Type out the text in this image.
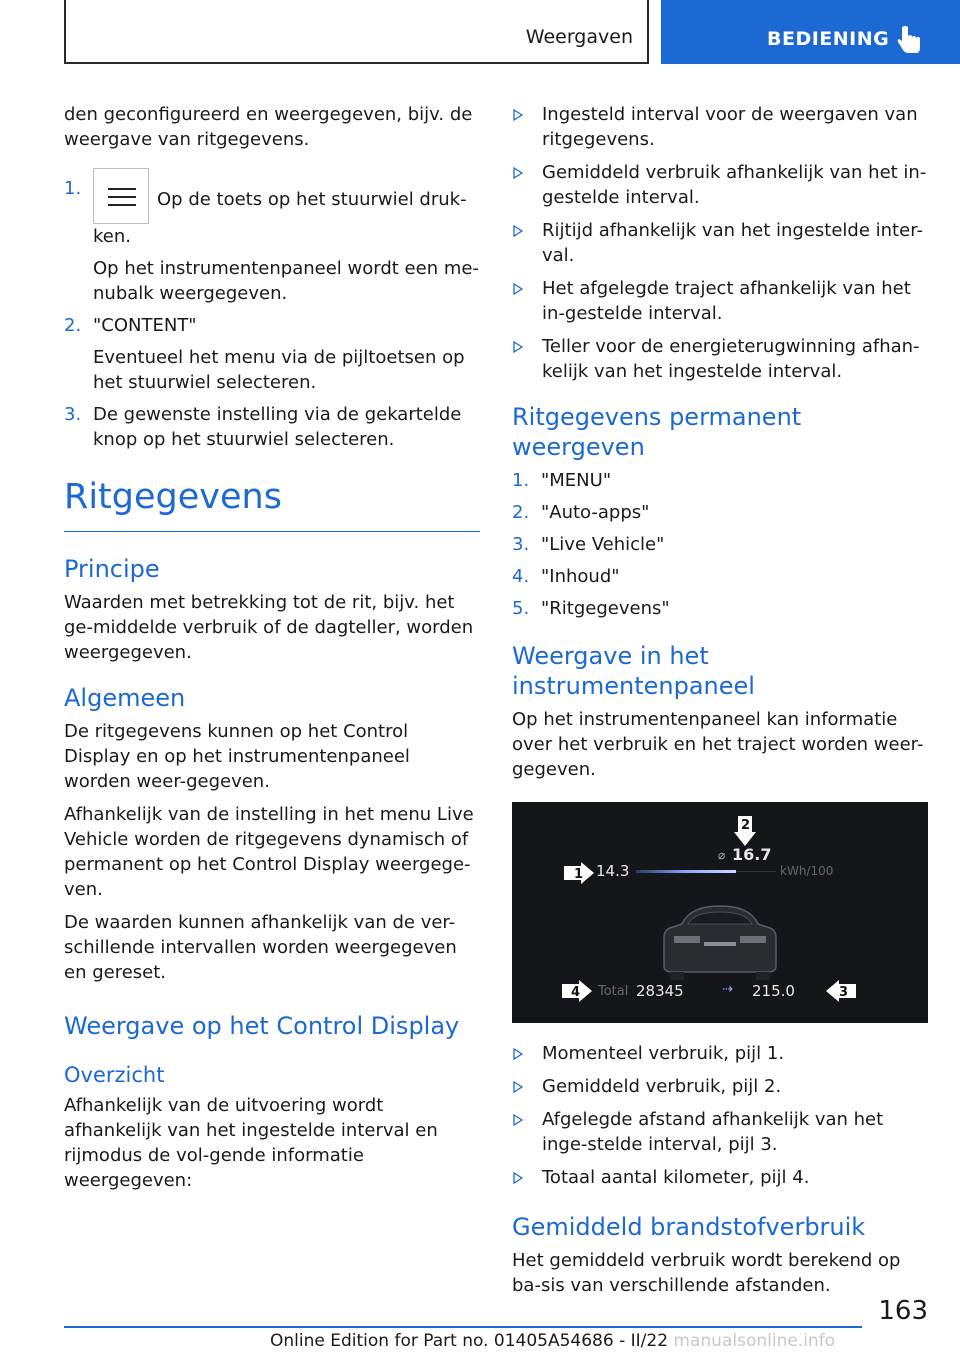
Weergaven	BEDIENING

den geconfigureerd en weergegeven, bijv. de weergave van ritgegevens.

1.
Op de toets op het stuurwiel druk-ken.
Op het instrumentenpaneel wordt een me-nubalk weergegeven.
2. "CONTENT"
Eventueel het menu via de pijltoetsen op het stuurwiel selecteren.
3. De gewenste instelling via de gekartelde knop op het stuurwiel selecteren.
Ritgegevens
Principe

Waarden met betrekking tot de rit, bijv. het ge-middelde verbruik of de dagteller, worden weergegeven.

Algemeen

De ritgegevens kunnen op het Control Display en op het instrumentenpaneel worden weer-gegeven.

Afhankelijk van de instelling in het menu Live Vehicle worden de ritgegevens dynamisch of permanent op het Control Display weergege-ven.

De waarden kunnen afhankelijk van de ver-schillende intervallen worden weergegeven en gereset.

Weergave op het Control Display
Overzicht

Afhankelijk van de uitvoering wordt afhankelijk van het ingestelde interval en rijmodus de vol-gende informatie weergegeven:

Ingesteld interval voor de weergaven van ritgegevens.
Gemiddeld verbruik afhankelijk van het in-gestelde interval.
Rijtijd afhankelijk van het ingestelde inter-val.
Het afgelegde traject afhankelijk van het in-gestelde interval.
Teller voor de energieterugwinning afhan-kelijk van het ingestelde interval.
Ritgegevens permanent weergeven
1. "MENU"
2. "Auto-apps"
3. "Live Vehicle"
4. "Inhoud"
5. "Ritgegevens"
Weergave in het instrumentenpaneel

Op het instrumentenpaneel kan informatie over het verbruik en het traject worden weer-gegeven.

1 14.3
2
⌀ 16.7
kWh/100
4 Total 28345	⇢ 215.0	3
Momenteel verbruik, pijl 1.
Gemiddeld verbruik, pijl 2.
Afgelegde afstand afhankelijk van het inge-stelde interval, pijl 3.
Totaal aantal kilometer, pijl 4.
Gemiddeld brandstofverbruik

Het gemiddeld verbruik wordt berekend op ba-sis van verschillende afstanden.

163
Online Edition for Part no. 01405A54686 - II/22 manualsonline.info
